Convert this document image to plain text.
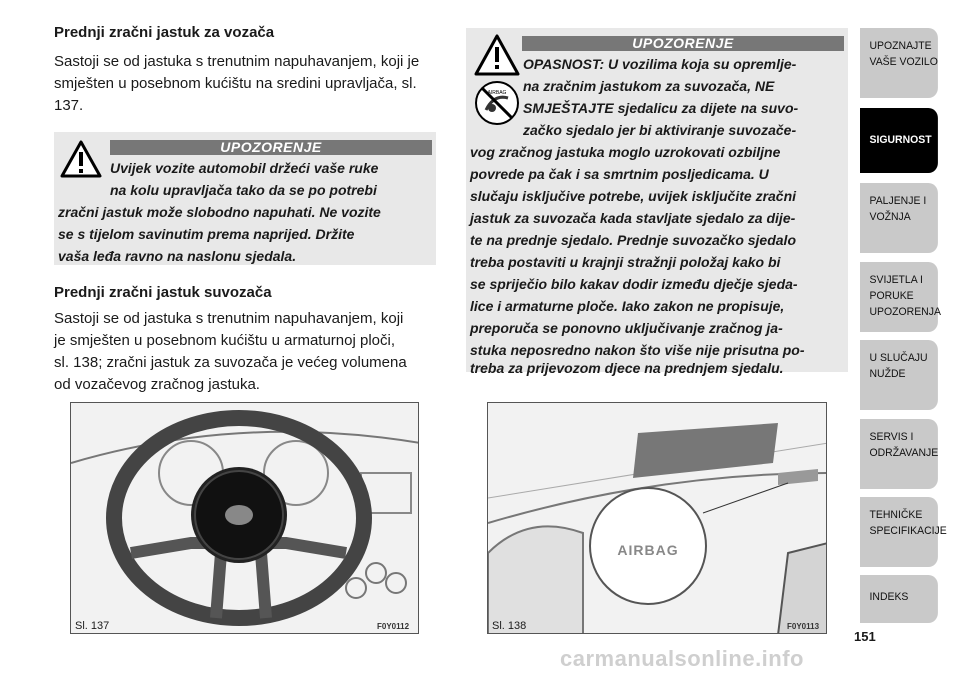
Prednji zračni jastuk za vozača
Sastoji se od jastuka s trenutnim napuhavanjem, koji je
smješten u posebnom kućištu na sredini upravljača, sl.
137.
UPOZORENJE
Uvijek vozite automobil držeći vaše ruke
na kolu upravljača tako da se po potrebi
zračni jastuk može slobodno napuhati. Ne vozite
se s tijelom savinutim prema naprijed. Držite
vaša leđa ravno na naslonu sjedala.
Prednji zračni jastuk suvozača
Sastoji se od jastuka s trenutnim napuhavanjem, koji
je smješten u posebnom kućištu u armaturnoj ploči,
sl. 138; zračni jastuk za suvozača je većeg volumena
od vozačevog zračnog jastuka.
Sl. 137	F0Y0112
AIRBAG
UPOZORENJE
OPASNOST: U vozilima koja su opremlje-
na zračnim jastukom za suvozača, NE
SMJEŠTAJTE sjedalicu za dijete na suvo-
začko sjedalo jer bi aktiviranje suvozače-
vog zračnog jastuka moglo uzrokovati ozbiljne
povrede pa čak i sa smrtnim posljedicama. U
slučaju isključive potrebe, uvijek isključite zračni
jastuk za suvozača kada stavljate sjedalo za dije-
te na prednje sjedalo. Prednje suvozačko sjedalo
treba postaviti u krajnji stražnji položaj kako bi
se spriječio bilo kakav dodir između dječje sjeda-
lice i armaturne ploče. Iako zakon ne propisuje,
preporuča se ponovno uključivanje zračnog ja-
stuka neposredno nakon što više nije prisutna po-
treba za prijevozom djece na prednjem sjedalu.
AIRBAG
Sl. 138	F0Y0113
UPOZNAJTE
VAŠE VOZILO
SIGURNOST
PALJENJE I
VOŽNJA
SVIJETLA I PORUKE
UPOZORENJA
U SLUČAJU
NUŽDE
SERVIS I
ODRŽAVANJE
TEHNIČKE
SPECIFIKACIJE
INDEKS
151
carmanualsonline.info
